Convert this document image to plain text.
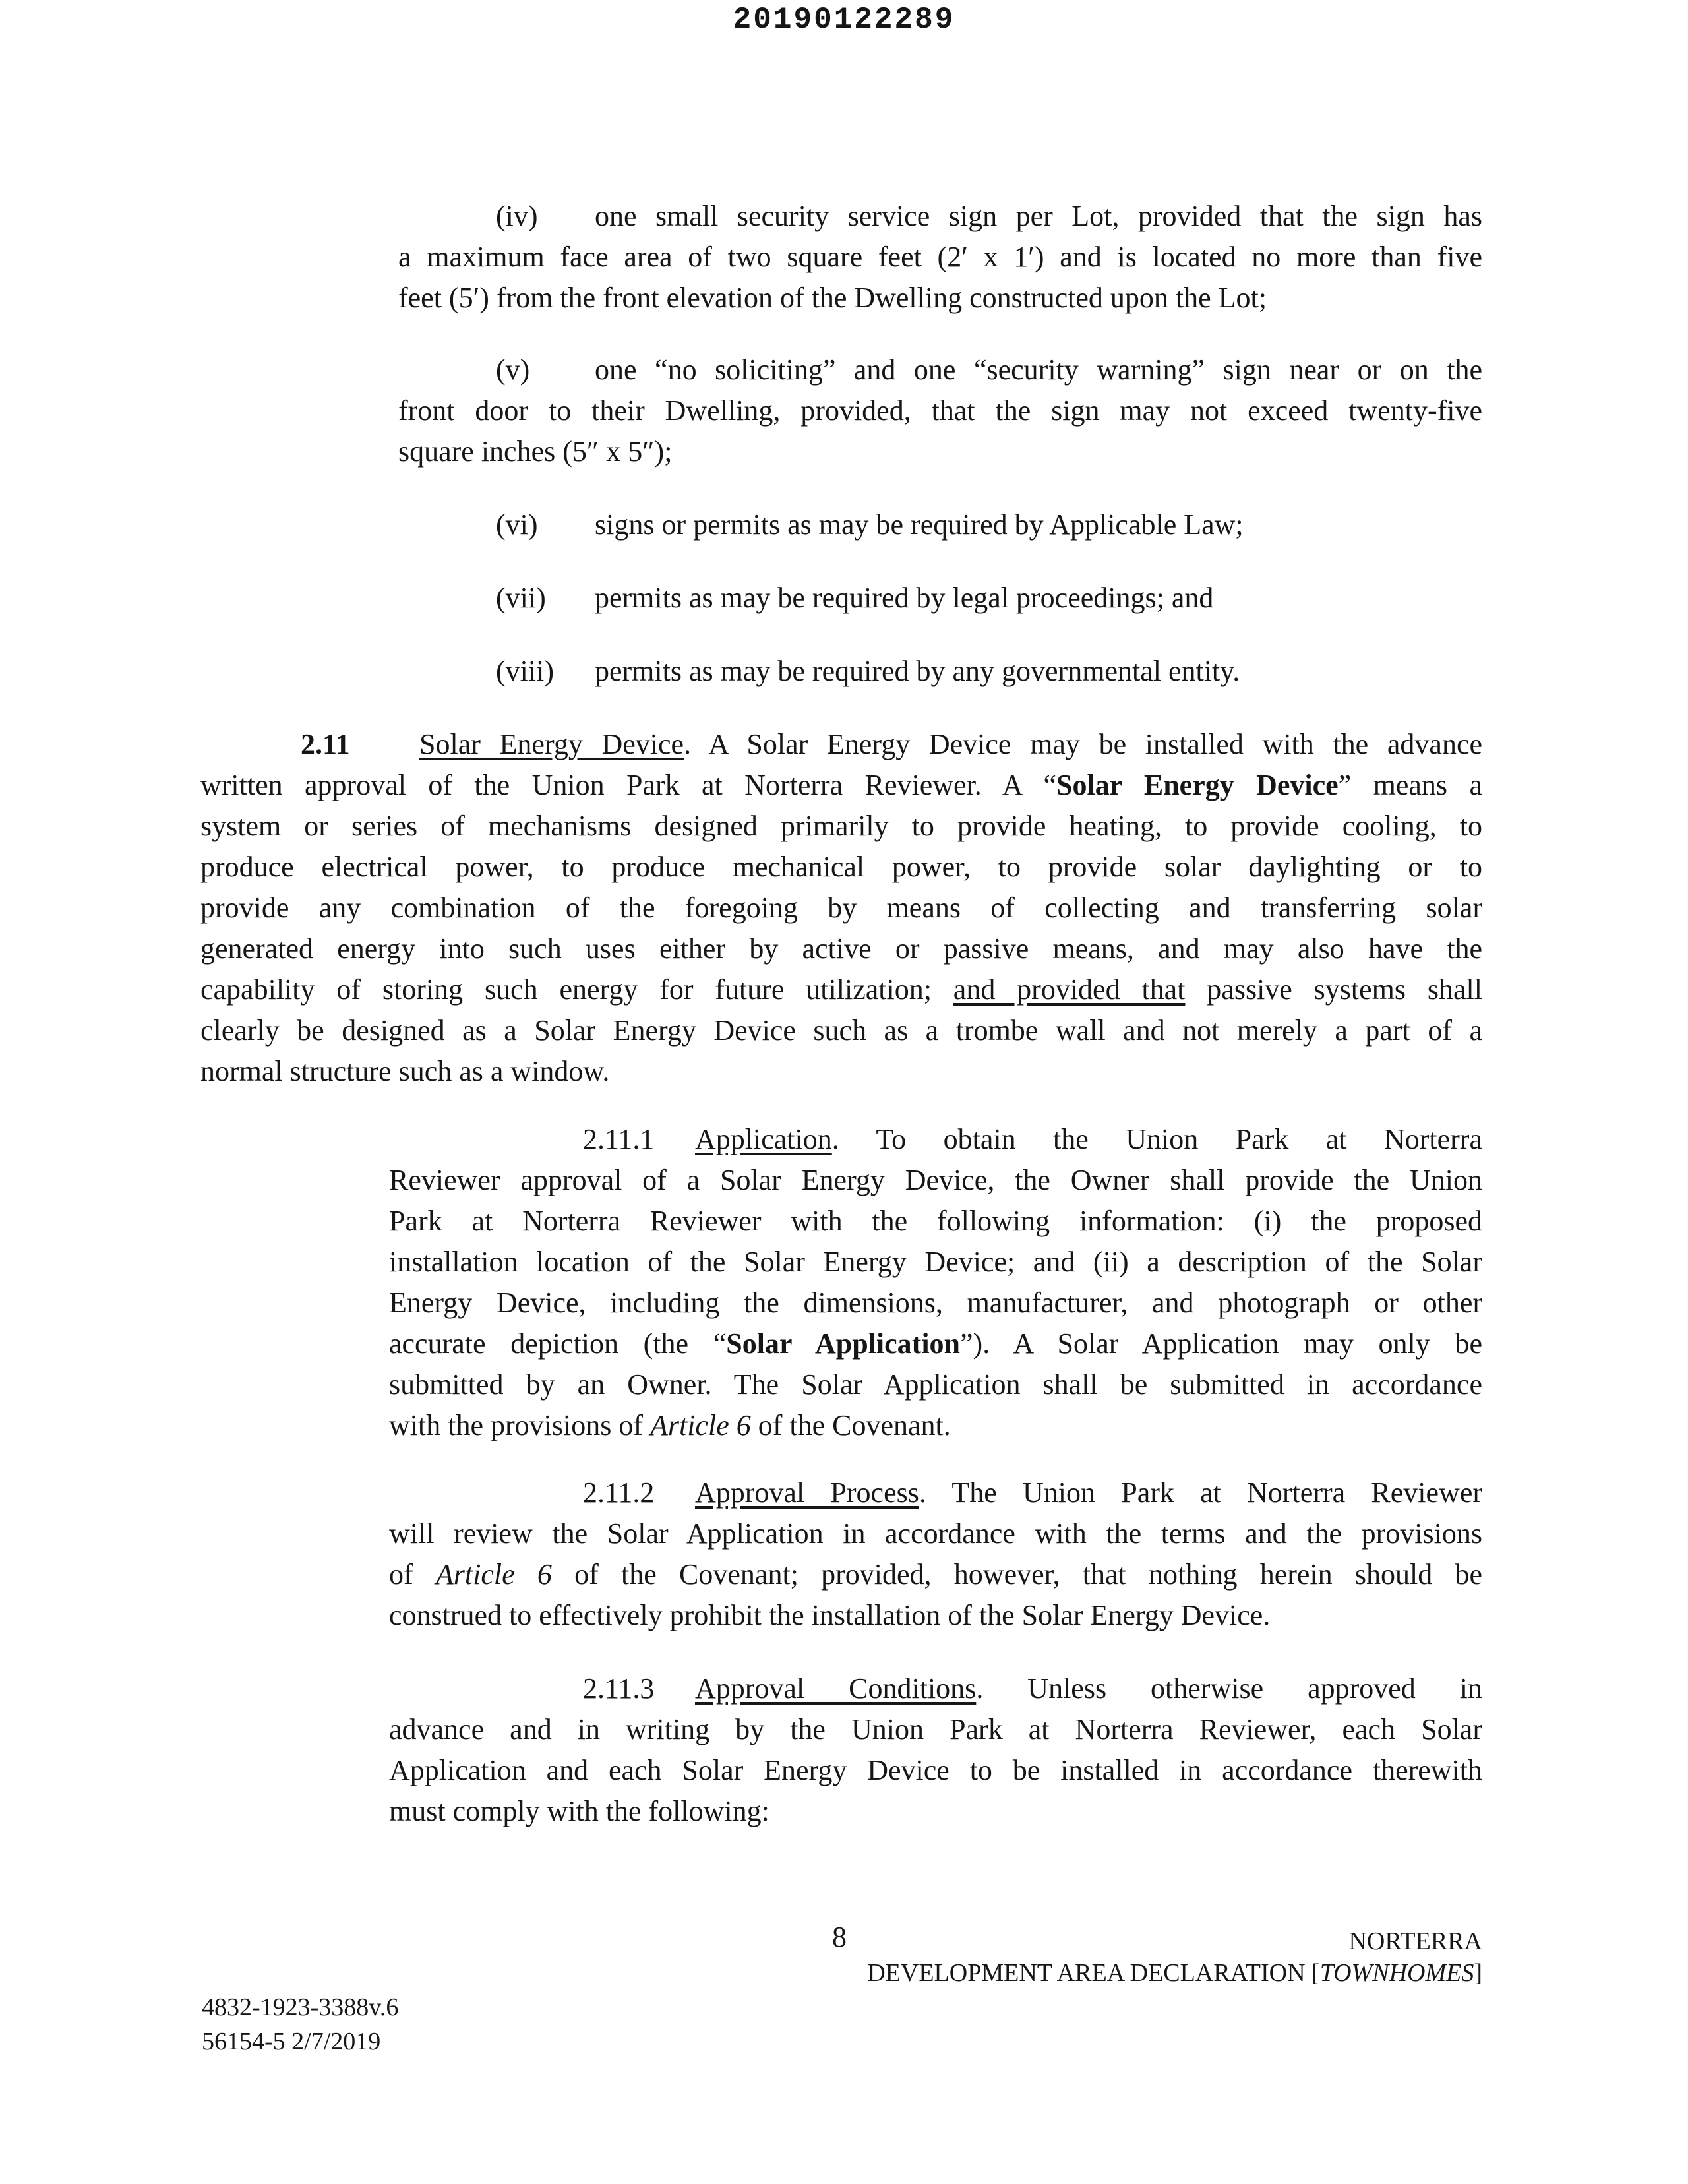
20190122289
(iv) one small security service sign per Lot, provided that the sign has
a maximum face area of two square feet (2′ x 1′) and is located no more than five
feet (5′) from the front elevation of the Dwelling constructed upon the Lot;
(v) one “no soliciting” and one “security warning” sign near or on the
front door to their Dwelling, provided, that the sign may not exceed twenty-five
square inches (5″ x 5″);
(vi) signs or permits as may be required by Applicable Law;
(vii) permits as may be required by legal proceedings; and
(viii) permits as may be required by any governmental entity.
2.11 Solar Energy Device. A Solar Energy Device may be installed with the advance
written approval of the Union Park at Norterra Reviewer. A “Solar Energy Device” means a
system or series of mechanisms designed primarily to provide heating, to provide cooling, to
produce electrical power, to produce mechanical power, to provide solar daylighting or to
provide any combination of the foregoing by means of collecting and transferring solar
generated energy into such uses either by active or passive means, and may also have the
capability of storing such energy for future utilization; and provided that passive systems shall
clearly be designed as a Solar Energy Device such as a trombe wall and not merely a part of a
normal structure such as a window.
2.11.1 Application. To obtain the Union Park at Norterra
Reviewer approval of a Solar Energy Device, the Owner shall provide the Union
Park at Norterra Reviewer with the following information: (i) the proposed
installation location of the Solar Energy Device; and (ii) a description of the Solar
Energy Device, including the dimensions, manufacturer, and photograph or other
accurate depiction (the “Solar Application”). A Solar Application may only be
submitted by an Owner. The Solar Application shall be submitted in accordance
with the provisions of Article 6 of the Covenant.
2.11.2 Approval Process. The Union Park at Norterra Reviewer
will review the Solar Application in accordance with the terms and the provisions
of Article 6 of the Covenant; provided, however, that nothing herein should be
construed to effectively prohibit the installation of the Solar Energy Device.
2.11.3 Approval Conditions. Unless otherwise approved in
advance and in writing by the Union Park at Norterra Reviewer, each Solar
Application and each Solar Energy Device to be installed in accordance therewith
must comply with the following:
8	NORTERRA
DEVELOPMENT AREA DECLARATION [TOWNHOMES]
4832-1923-3388v.6
56154-5 2/7/2019
